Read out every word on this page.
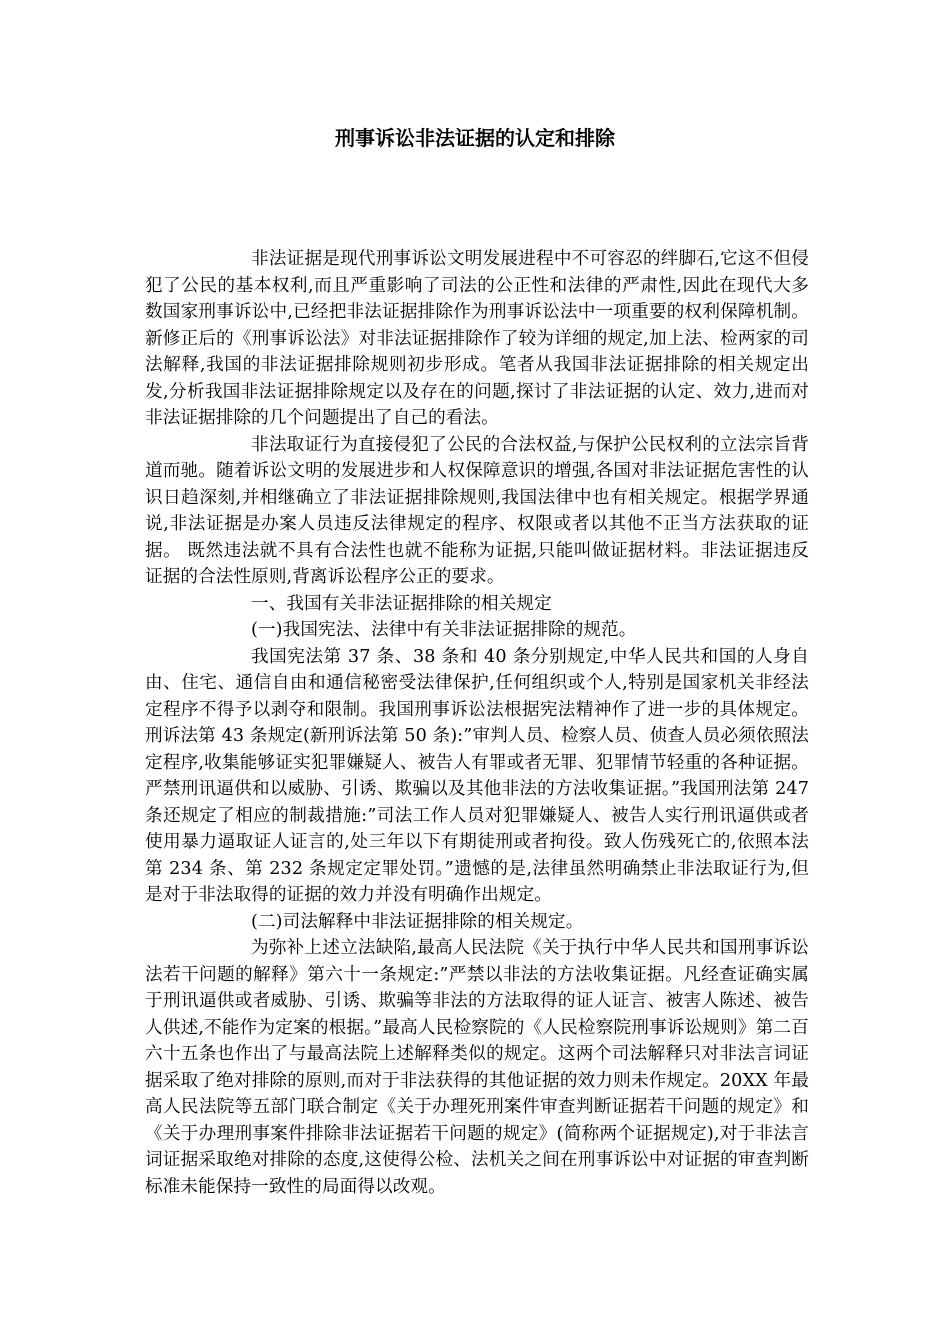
刑事诉讼非法证据的认定和排除

非法证据是现代刑事诉讼文明发展进程中不可容忍的绊脚石,它这不但侵犯了公民的基本权利,而且严重影响了司法的公正性和法律的严肃性,因此在现代大多数国家刑事诉讼中,已经把非法证据排除作为刑事诉讼法中一项重要的权利保障机制。新修正后的《刑事诉讼法》对非法证据排除作了较为详细的规定,加上法、检两家的司法解释,我国的非法证据排除规则初步形成。笔者从我国非法证据排除的相关规定出发,分析我国非法证据排除规定以及存在的问题,探讨了非法证据的认定、效力,进而对非法证据排除的几个问题提出了自己的看法。

非法取证行为直接侵犯了公民的合法权益,与保护公民权利的立法宗旨背道而驰。随着诉讼文明的发展进步和人权保障意识的增强,各国对非法证据危害性的认识日趋深刻,并相继确立了非法证据排除规则,我国法律中也有相关规定。根据学界通说,非法证据是办案人员违反法律规定的程序、权限或者以其他不正当方法获取的证据。 既然违法就不具有合法性也就不能称为证据,只能叫做证据材料。非法证据违反证据的合法性原则,背离诉讼程序公正的要求。

一、我国有关非法证据排除的相关规定

(一)我国宪法、法律中有关非法证据排除的规范。

我国宪法第 37 条、38 条和 40 条分别规定,中华人民共和国的人身自由、住宅、通信自由和通信秘密受法律保护,任何组织或个人,特别是国家机关非经法定程序不得予以剥夺和限制。我国刑事诉讼法根据宪法精神作了进一步的具体规定。刑诉法第 43 条规定(新刑诉法第 50 条):”审判人员、检察人员、侦查人员必须依照法定程序,收集能够证实犯罪嫌疑人、被告人有罪或者无罪、犯罪情节轻重的各种证据。严禁刑讯逼供和以威胁、引诱、欺骗以及其他非法的方法收集证据。”我国刑法第 247 条还规定了相应的制裁措施:”司法工作人员对犯罪嫌疑人、被告人实行刑讯逼供或者使用暴力逼取证人证言的,处三年以下有期徒刑或者拘役。致人伤残死亡的,依照本法第 234 条、第 232 条规定定罪处罚。”遗憾的是,法律虽然明确禁止非法取证行为,但是对于非法取得的证据的效力并没有明确作出规定。

(二)司法解释中非法证据排除的相关规定。

为弥补上述立法缺陷,最高人民法院《关于执行中华人民共和国刑事诉讼法若干问题的解释》第六十一条规定:”严禁以非法的方法收集证据。凡经查证确实属于刑讯逼供或者威胁、引诱、欺骗等非法的方法取得的证人证言、被害人陈述、被告人供述,不能作为定案的根据。”最高人民检察院的《人民检察院刑事诉讼规则》第二百六十五条也作出了与最高法院上述解释类似的规定。这两个司法解释只对非法言词证据采取了绝对排除的原则,而对于非法获得的其他证据的效力则未作规定。20XX 年最高人民法院等五部门联合制定《关于办理死刑案件审查判断证据若干问题的规定》和《关于办理刑事案件排除非法证据若干问题的规定》(简称两个证据规定),对于非法言词证据采取绝对排除的态度,这使得公检、法机关之间在刑事诉讼中对证据的审查判断标准未能保持一致性的局面得以改观。
